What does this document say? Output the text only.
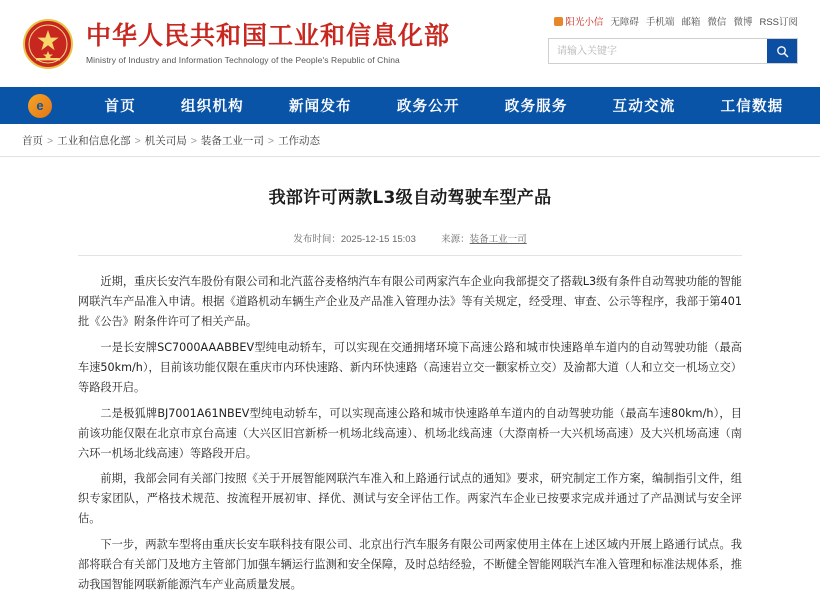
中华人民共和国工业和信息化部
Ministry of Industry and Information Technology of the People's Republic of China
阳光小信 无障碍 手机端 邮箱 微信 微博 RSS订阅
请输入关键字
e	首页	组织机构	新闻发布	政务公开	政务服务	互动交流	工信数据
首页 > 工业和信息化部 > 机关司局 > 装备工业一司 > 工作动态
我部许可两款L3级自动驾驶车型产品
发布时间：2025-12-15 15:03	来源：装备工业一司

近期，重庆长安汽车股份有限公司和北汽蓝谷麦格纳汽车有限公司两家汽车企业向我部提交了搭载L3级有条件自动驾驶功能的智能网联汽车产品准入申请。根据《道路机动车辆生产企业及产品准入管理办法》等有关规定，经受理、审查、公示等程序，我部于第401批《公告》附条件许可了相关产品。

一是长安牌SC7000AAABBEV型纯电动轿车，可以实现在交通拥堵环境下高速公路和城市快速路单车道内的自动驾驶功能（最高车速50km/h），目前该功能仅限在重庆市内环快速路、新内环快速路（高速岩立交一颧家桥立交）及渝都大道（人和立交一机场立交）等路段开启。

二是极狐牌BJ7001A61NBEV型纯电动轿车，可以实现高速公路和城市快速路单车道内的自动驾驶功能（最高车速80km/h），目前该功能仅限在北京市京台高速（大兴区旧宫新桥一机场北线高速）、机场北线高速（大漈南桥一大兴机场高速）及大兴机场高速（南六环一机场北线高速）等路段开启。

前期，我部会同有关部门按照《关于开展智能网联汽车准入和上路通行试点的通知》要求，研究制定工作方案，编制指引文件，组织专家团队，严格技术规范、按流程开展初审、择优、测试与安全评估工作。两家汽车企业已按要求完成并通过了产品测试与安全评估。

下一步，两款车型将由重庆长安车联科技有限公司、北京出行汽车服务有限公司两家使用主体在上述区域内开展上路通行试点。我部将联合有关部门及地方主管部门加强车辆运行监测和安全保障，及时总结经验，不断健全智能网联汽车准入管理和标准法规体系，推动我国智能网联新能源汽车产业高质量发展。
